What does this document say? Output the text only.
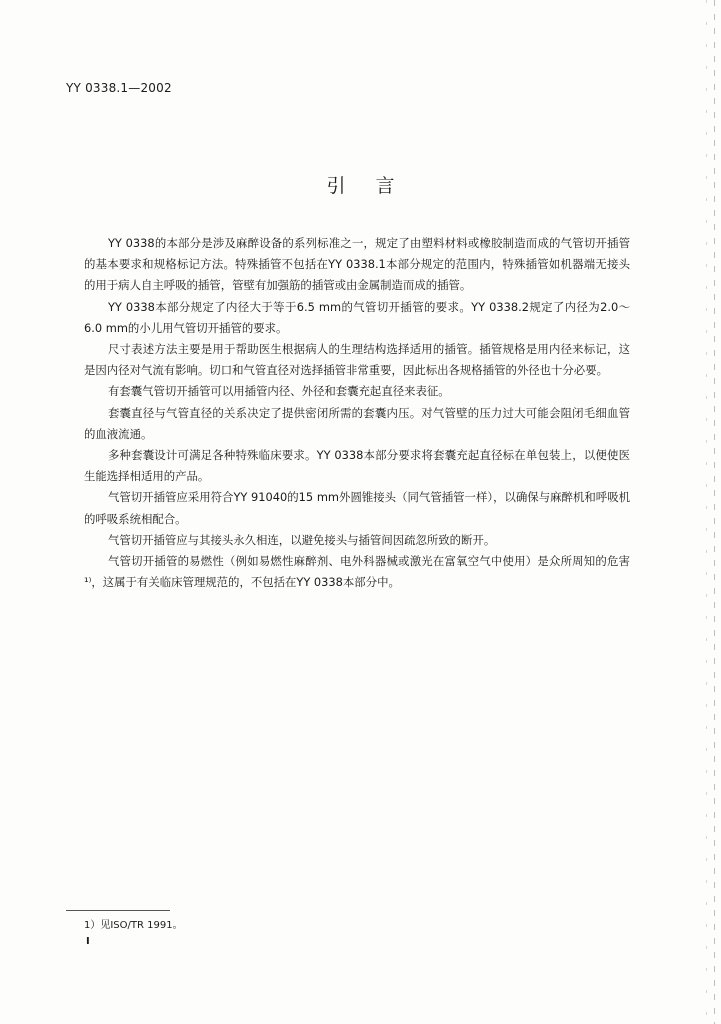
YY 0338.1—2002
引言

YY 0338的本部分是涉及麻醉设备的系列标准之一，规定了由塑料材料或橡胶制造而成的气管切开插管的基本要求和规格标记方法。特殊插管不包括在YY 0338.1本部分规定的范围内，特殊插管如机器端无接头的用于病人自主呼吸的插管，管壁有加强筋的插管或由金属制造而成的插管。

YY 0338本部分规定了内径大于等于6.5 mm的气管切开插管的要求。YY 0338.2规定了内径为2.0～6.0 mm的小儿用气管切开插管的要求。

尺寸表述方法主要是用于帮助医生根据病人的生理结构选择适用的插管。插管规格是用内径来标记，这是因内径对气流有影响。切口和气管直径对选择插管非常重要，因此标出各规格插管的外径也十分必要。

有套囊气管切开插管可以用插管内径、外径和套囊充起直径来表征。

套囊直径与气管直径的关系决定了提供密闭所需的套囊内压。对气管壁的压力过大可能会阻闭毛细血管的血液流通。

多种套囊设计可满足各种特殊临床要求。YY 0338本部分要求将套囊充起直径标在单包装上，以便使医生能选择相适用的产品。

气管切开插管应采用符合YY 91040的15 mm外圆锥接头（同气管插管一样），以确保与麻醉机和呼吸机的呼吸系统相配合。

气管切开插管应与其接头永久相连，以避免接头与插管间因疏忽所致的断开。

气管切开插管的易燃性（例如易燃性麻醉剂、电外科器械或激光在富氧空气中使用）是众所周知的危害¹⁾，这属于有关临床管理规范的，不包括在YY 0338本部分中。

1）见ISO/TR 1991。
I
